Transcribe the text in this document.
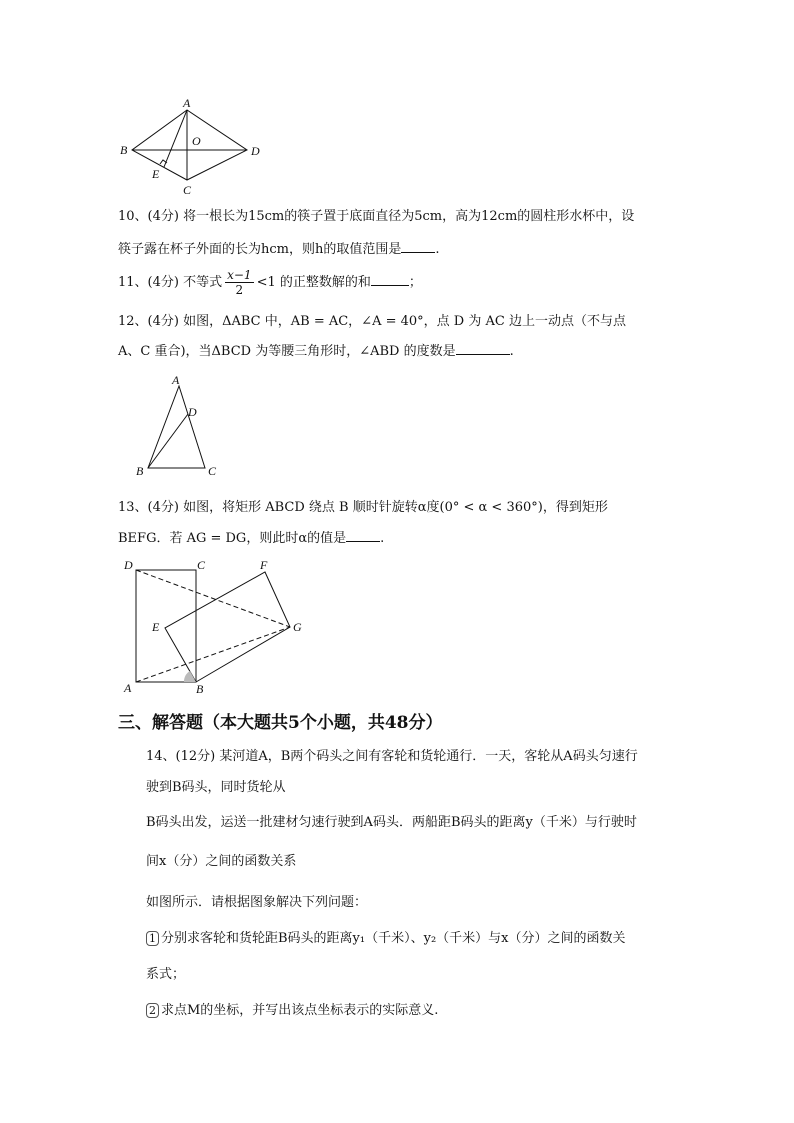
A
B
C
D
O
E
10、(4分) 将一根长为15cm的筷子置于底面直径为5cm，高为12cm的圆柱形水杯中，设
筷子露在杯子外面的长为hcm，则h的取值范围是	.
11、(4分) 不等式 $\frac{x-1}{2} <1$ 的正整数解的和	；
12、(4分) 如图，ΔABC 中，AB = AC，∠A = 40°，点 D 为 AC 边上一动点（不与点
A、C 重合)，当ΔBCD 为等腰三角形时，∠ABD 的度数是	.
A
B	C
D
13、(4分) 如图，将矩形 ABCD 绕点 B 顺时针旋转α度(0° < α < 360°)，得到矩形
BEFG．若 AG = DG，则此时α的值是	.
D	C
A	B
E
F
G
三、解答题（本大题共5个小题，共48分）
14、(12分) 某河道A，B两个码头之间有客轮和货轮通行．一天，客轮从A码头匀速行
驶到B码头，同时货轮从
B码头出发，运送一批建材匀速行驶到A码头．两船距B码头的距离y（千米）与行驶时
间x（分）之间的函数关系
如图所示．请根据图象解决下列问题：
1 分别求客轮和货轮距B码头的距离y₁（千米）、y₂（千米）与x（分）之间的函数关
系式；
2 求点M的坐标，并写出该点坐标表示的实际意义.
